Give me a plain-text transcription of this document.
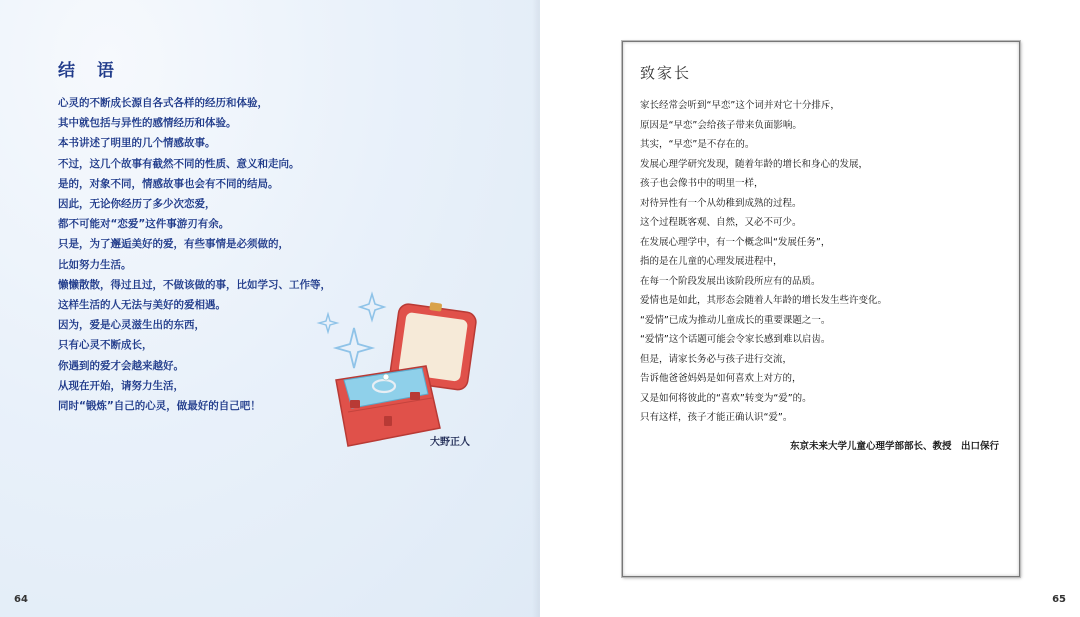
结 语
心灵的不断成长源自各式各样的经历和体验，
其中就包括与异性的感情经历和体验。
本书讲述了明里的几个情感故事。
不过，这几个故事有截然不同的性质、意义和走向。
是的，对象不同，情感故事也会有不同的结局。
因此，无论你经历了多少次恋爱，
都不可能对“恋爱”这件事游刃有余。
只是，为了邂逅美好的爱，有些事情是必须做的，
比如努力生活。
懒懒散散，得过且过，不做该做的事，比如学习、工作等，
这样生活的人无法与美好的爱相遇。
因为，爱是心灵滋生出的东西，
只有心灵不断成长，
你遇到的爱才会越来越好。
从现在开始，请努力生活，
同时“锻炼”自己的心灵，做最好的自己吧！
大野正人
64	65
致家长
家长经常会听到“早恋”这个词并对它十分排斥，
原因是“早恋”会给孩子带来负面影响。
其实，“早恋”是不存在的。
发展心理学研究发现，随着年龄的增长和身心的发展，
孩子也会像书中的明里一样，
对待异性有一个从幼稚到成熟的过程。
这个过程既客观、自然，又必不可少。
在发展心理学中，有一个概念叫“发展任务”，
指的是在儿童的心理发展进程中，
在每一个阶段发展出该阶段所应有的品质。
爱情也是如此，其形态会随着人年龄的增长发生些许变化。
“爱情”已成为推动儿童成长的重要课题之一。
“爱情”这个话题可能会令家长感到难以启齿。
但是，请家长务必与孩子进行交流，
告诉他爸爸妈妈是如何喜欢上对方的，
又是如何将彼此的“喜欢”转变为“爱”的。
只有这样，孩子才能正确认识“爱”。
东京未来大学儿童心理学部部长、教授　出口保行
